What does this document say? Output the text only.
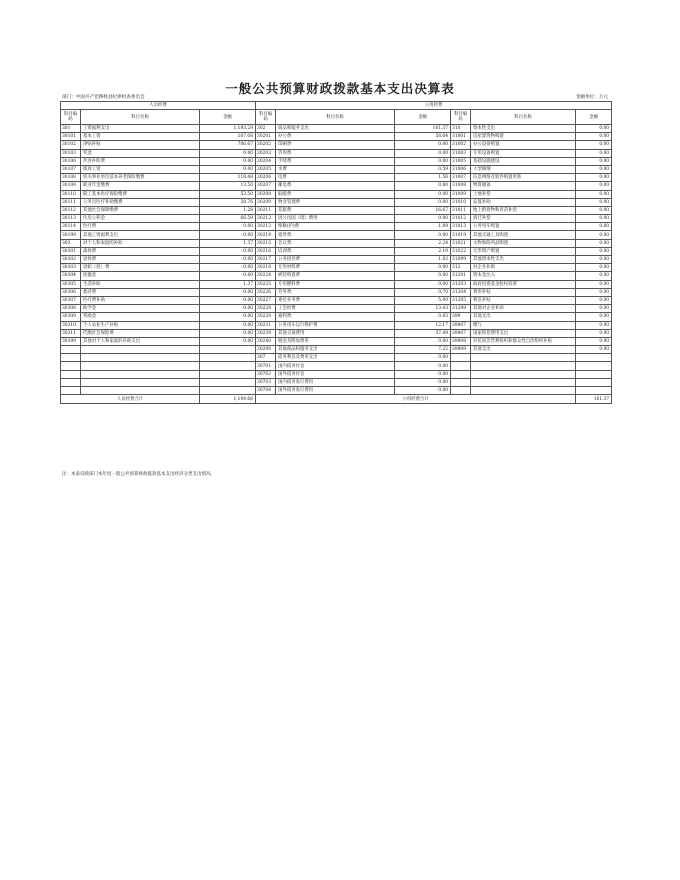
一般公共预算财政拨款基本支出决算表
部门：中国共产党穆棱县纪律检查委员会	金额单位：万元
人员经费			公用经费					
科目编码	科目名称	金额	科目编码	科目名称	金额	科目编码	科目名称	金额
301	工资福利支出	1,193.29	302	商品和服务支出	161.37	310	资本性支出	0.00
30101	基本工资	107.08	30201	办公费	58.64	31001	房屋建筑物购建	0.00
30102	津贴补贴	706.67	30202	印刷费	0.00	31002	办公设备购置	0.00
30103	奖金	0.00	30203	咨询费	0.00	31003	专用设备购置	0.00
30106	伙食补助费	0.00	30204	手续费	0.00	31005	基础设施建设	0.00
30107	绩效工资	0.00	30205	水费	0.59	31006	大型修缮	0.00
30108	机关事业单位基本养老保险缴费	118.48	30206	电费	1.56	31007	信息网络及软件购置更新	0.00
30109	职业年金缴费	13.50	30207	邮电费	0.80	31008	物资储备	0.00
30110	职工基本医疗保险缴费	53.50	30208	取暖费	0.00	31009	土地补偿	0.00
30111	公务员医疗补助缴费	28.76	30209	物业管理费	0.00	31010	安置补助	0.00
30112	其他社会保障缴费	1.28	30211	差旅费	16.67	31011	地上附着物和青苗补偿	0.00
30113	住房公积金	66.59	30212	因公出国（境）费用	0.00	31012	拆迁补偿	0.00
30114	医疗费	0.00	30213	维修(护)费	1.09	31013	公务用车购置	0.00
30199	其他工资福利支出	0.00	30214	租赁费	0.00	31019	其他交通工具购置	0.00
303	对个人和家庭的补助	1.37	30215	会议费	2.24	31021	文物和陈列品购置	0.00
30301	离休费	0.00	30216	培训费	2.10	31022	无形资产购置	0.00
30302	退休费	0.00	30217	公务接待费	1.02	31099	其他资本性支出	0.00
30303	退职（役）费	0.00	30218	专用材料费	0.00	312	对企业补助	0.00
30304	抚恤金	0.00	30224	被装购置费	0.00	31201	资本金注入	0.00
30305	生活补助	1.37	30225	专用燃料费	0.00	31203	政府投资基金股权投资	0.00
30306	救济费	0.00	30226	劳务费	0.70	31204	费用补贴	0.00
30307	医疗费补助	0.00	30227	委托业务费	5.00	31205	利息补贴	0.00
30308	助学金	0.00	30228	工会经费	13.43	31299	其他对企业补助	0.00
30309	奖励金	0.00	30229	福利费	0.65	399	其他支出	0.00
30310	个人农业生产补贴	0.00	30231	公务用车运行维护费	12.17	39907	赠与	0.00
30311	代缴社会保险费	0.00	30239	其他交通费用	37.49	39907	国家赔偿费用支出	0.00
30399	其他对个人和家庭的补助支出	0.00	30240	税金及附加费用	0.00	39908	对民间非营利组织和群众性自治组织补贴	0.00
			30299	其他商品和服务支出	7.22	39999	其他支出	0.00
			307	债务利息及费用支出	0.00			
			30701	国内债务付息	0.00			
			30702	国外债务付息	0.00			
			30703	国内债务发行费用	0.00			
			30704	国外债务发行费用	0.00			
人员经费合计		1,194.66	公用经费合计					161.37
注：本表反映部门本年度一般公共预算财政拨款基本支出经济分类支出情况。
